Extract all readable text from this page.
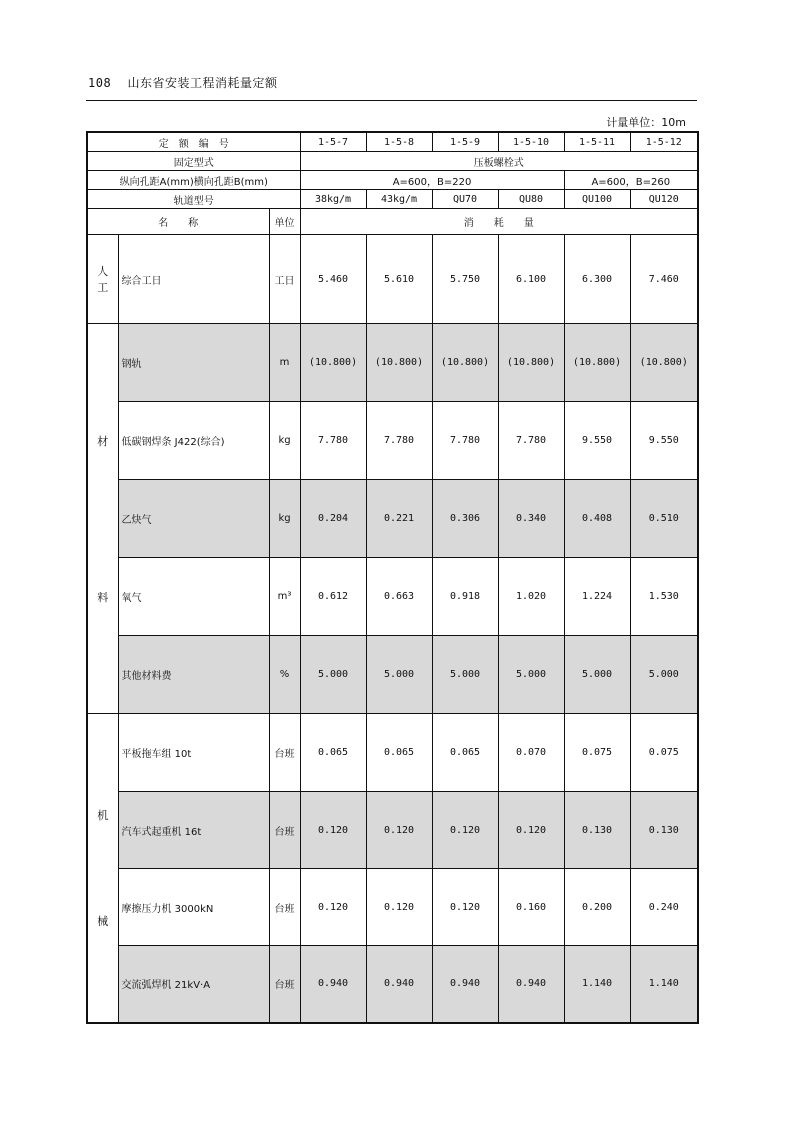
108 山东省安装工程消耗量定额
计量单位：10m
定　额　编　号			1-5-7	1-5-8	1-5-9	1-5-10	1-5-11	1-5-12
固定型式			压板螺栓式					
纵向孔距A(mm)横向孔距B(mm)			A=600，B=220				A=600，B=260	
轨道型号			38kg/m	43kg/m	QU70	QU80	QU100	QU120
名　　称		单位	消　　耗　　量					

人
工	综合工日	工日	5.460	5.610	5.750	6.100	6.300	7.460

材
料	钢轨	m	(10.800)	(10.800)	(10.800)	(10.800)	(10.800)	(10.800)
	低碳钢焊条 J422(综合)	kg	7.780	7.780	7.780	7.780	9.550	9.550
	乙炔气	kg	0.204	0.221	0.306	0.340	0.408	0.510
	氧气	m³	0.612	0.663	0.918	1.020	1.224	1.530
	其他材料费	%	5.000	5.000	5.000	5.000	5.000	5.000

机
械	平板拖车组 10t	台班	0.065	0.065	0.065	0.070	0.075	0.075
	汽车式起重机 16t	台班	0.120	0.120	0.120	0.120	0.130	0.130
	摩擦压力机 3000kN	台班	0.120	0.120	0.120	0.160	0.200	0.240
	交流弧焊机 21kV·A	台班	0.940	0.940	0.940	0.940	1.140	1.140
